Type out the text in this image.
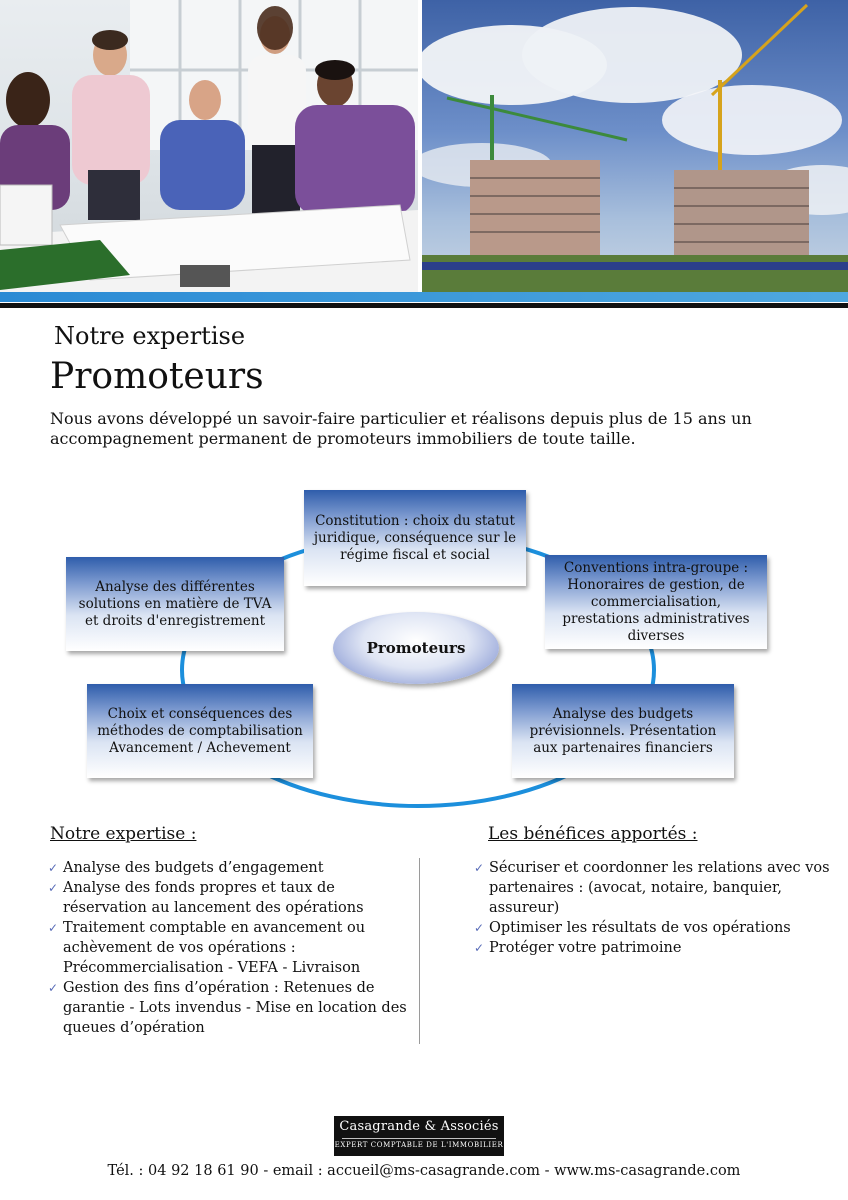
Notre expertise
Promoteurs
Nous avons développé un savoir-faire particulier et réalisons depuis plus de 15 ans un accompagnement permanent de promoteurs immobiliers de toute taille.
Constitution : choix du statut juridique, conséquence sur le régime fiscal et social
Conventions intra-groupe : Honoraires de gestion, de commercialisation, prestations administratives diverses
Analyse des budgets prévisionnels. Présentation aux partenaires financiers
Choix et conséquences des méthodes de comptabilisation Avancement / Achevement
Analyse des différentes solutions en matière de TVA et droits d'enregistrement
Promoteurs
Notre expertise :
✓ Analyse des budgets d’engagement
✓ Analyse des fonds propres et taux de réservation au lancement des opérations
✓ Traitement comptable en avancement ou achèvement de vos opérations : Précommercialisation - VEFA - Livraison
✓ Gestion des fins d’opération : Retenues de garantie - Lots invendus - Mise en location des queues d’opération
Les bénéfices apportés :
✓ Sécuriser et coordonner les relations avec vos partenaires : (avocat, notaire, banquier, assureur)
✓ Optimiser les résultats de vos opérations
✓ Protéger votre patrimoine
Casagrande & Associés
EXPERT COMPTABLE DE L'IMMOBILIER
Tél. : 04 92 18 61 90 - email : accueil@ms-casagrande.com - www.ms-casagrande.com
